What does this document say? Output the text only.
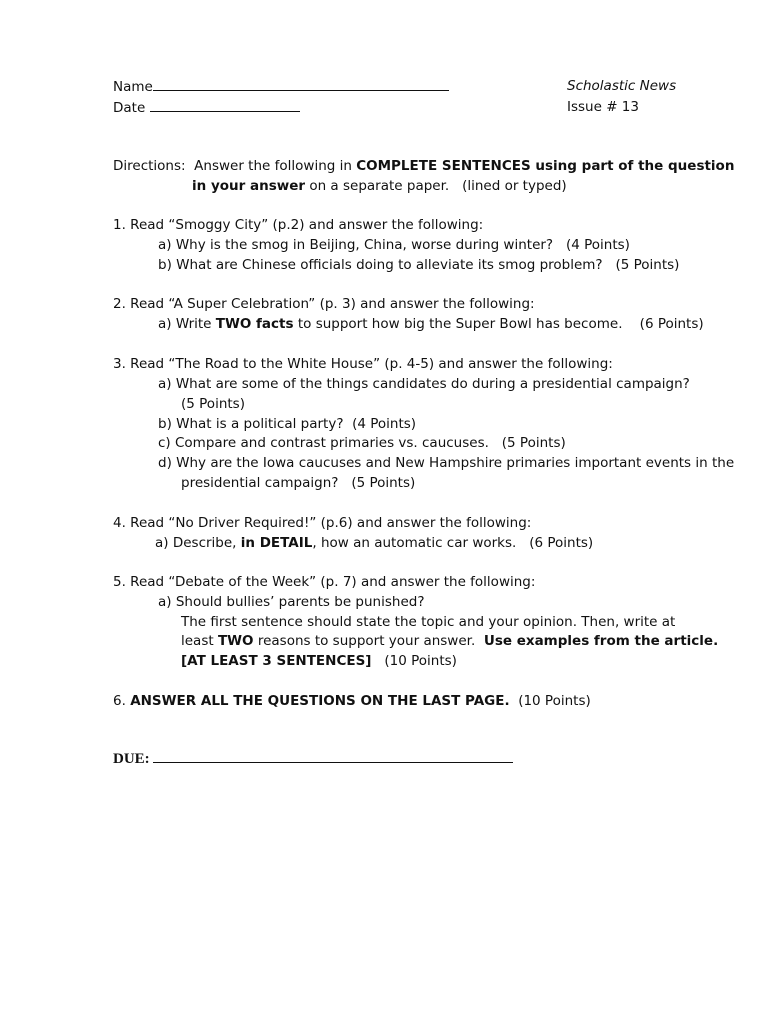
Name
Date
Scholastic News
Issue # 13
Directions: Answer the following in COMPLETE SENTENCES using part of the question
in your answer on a separate paper. (lined or typed)
1. Read “Smoggy City” (p.2) and answer the following:
a) Why is the smog in Beijing, China, worse during winter? (4 Points)
b) What are Chinese officials doing to alleviate its smog problem? (5 Points)
2. Read “A Super Celebration” (p. 3) and answer the following:
a) Write TWO facts to support how big the Super Bowl has become. (6 Points)
3. Read “The Road to the White House” (p. 4-5) and answer the following:
a) What are some of the things candidates do during a presidential campaign?
(5 Points)
b) What is a political party? (4 Points)
c) Compare and contrast primaries vs. caucuses. (5 Points)
d) Why are the Iowa caucuses and New Hampshire primaries important events in the
presidential campaign? (5 Points)
4. Read “No Driver Required!” (p.6) and answer the following:
a) Describe, in DETAIL, how an automatic car works. (6 Points)
5. Read “Debate of the Week” (p. 7) and answer the following:
a) Should bullies’ parents be punished?
The first sentence should state the topic and your opinion. Then, write at
least TWO reasons to support your answer. Use examples from the article.
[AT LEAST 3 SENTENCES] (10 Points)
6. ANSWER ALL THE QUESTIONS ON THE LAST PAGE. (10 Points)
DUE:
